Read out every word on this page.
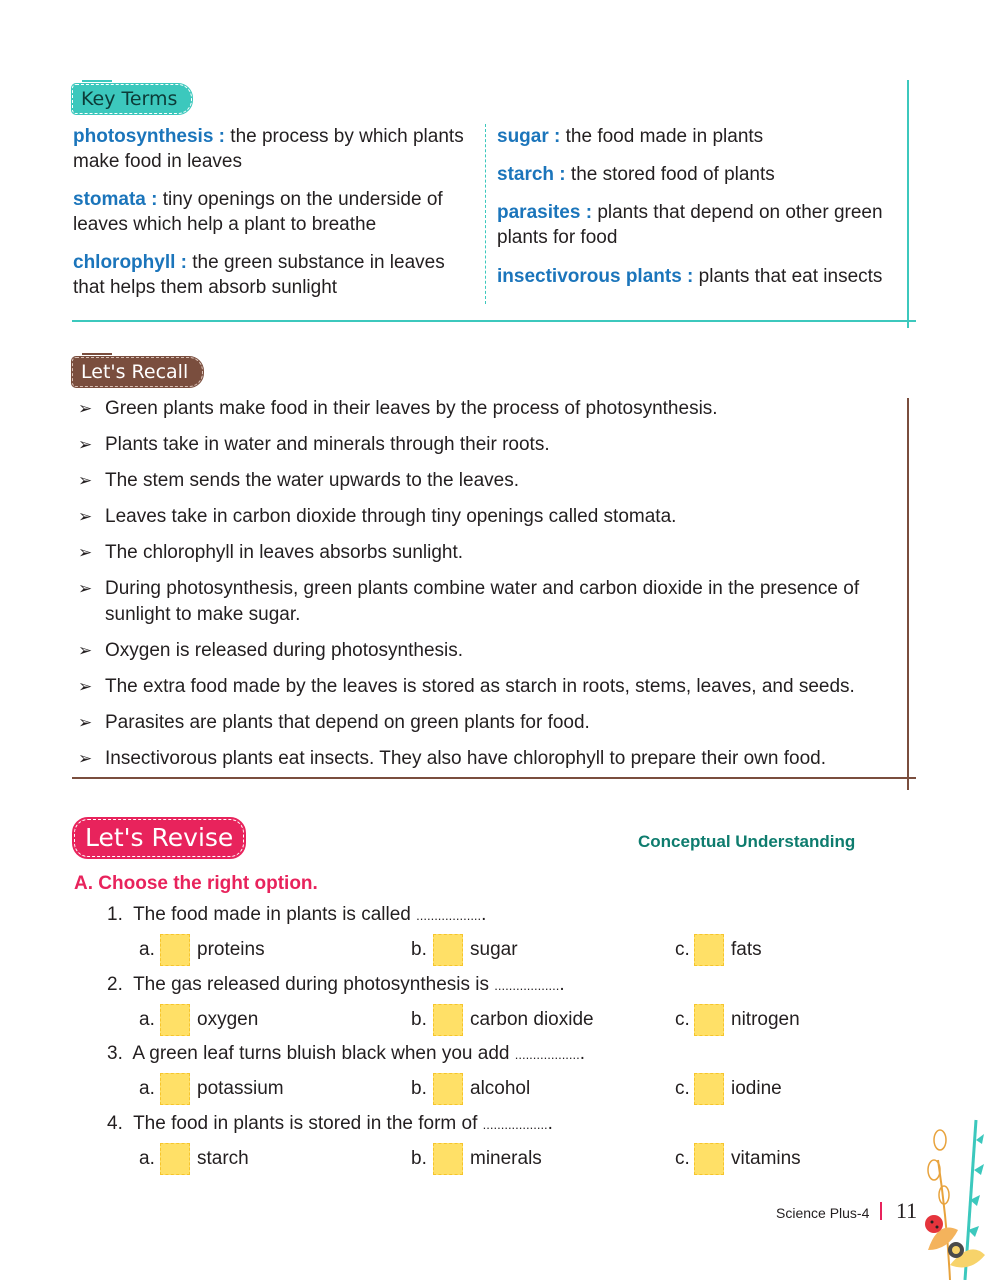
Key Terms
photosynthesis : the process by which plants
make food in leaves
stomata : tiny openings on the underside of
leaves which help a plant to breathe
chlorophyll : the green substance in leaves
that helps them absorb sunlight
sugar : the food made in plants
starch : the stored food of plants
parasites : plants that depend on other green
plants for food
insectivorous plants : plants that eat insects
Let's Recall
➢ Green plants make food in their leaves by the process of photosynthesis.
➢ Plants take in water and minerals through their roots.
➢ The stem sends the water upwards to the leaves.
➢ Leaves take in carbon dioxide through tiny openings called stomata.
➢ The chlorophyll in leaves absorbs sunlight.
➢ During photosynthesis, green plants combine water and carbon dioxide in the presence of sunlight to make sugar.
➢ Oxygen is released during photosynthesis.
➢ The extra food made by the leaves is stored as starch in roots, stems, leaves, and seeds.
➢ Parasites are plants that depend on green plants for food.
➢ Insectivorous plants eat insects. They also have chlorophyll to prepare their own food.
Let's Revise	Conceptual Understanding
A. Choose the right option.
1. The food made in plants is called ...................
a. proteins	b. sugar	c. fats
2. The gas released during photosynthesis is ...................
a. oxygen	b. carbon dioxide	c. nitrogen
3. A green leaf turns bluish black when you add ...................
a. potassium	b. alcohol	c. iodine
4. The food in plants is stored in the form of ...................
a. starch	b. minerals	c. vitamins
Science Plus-4 11
